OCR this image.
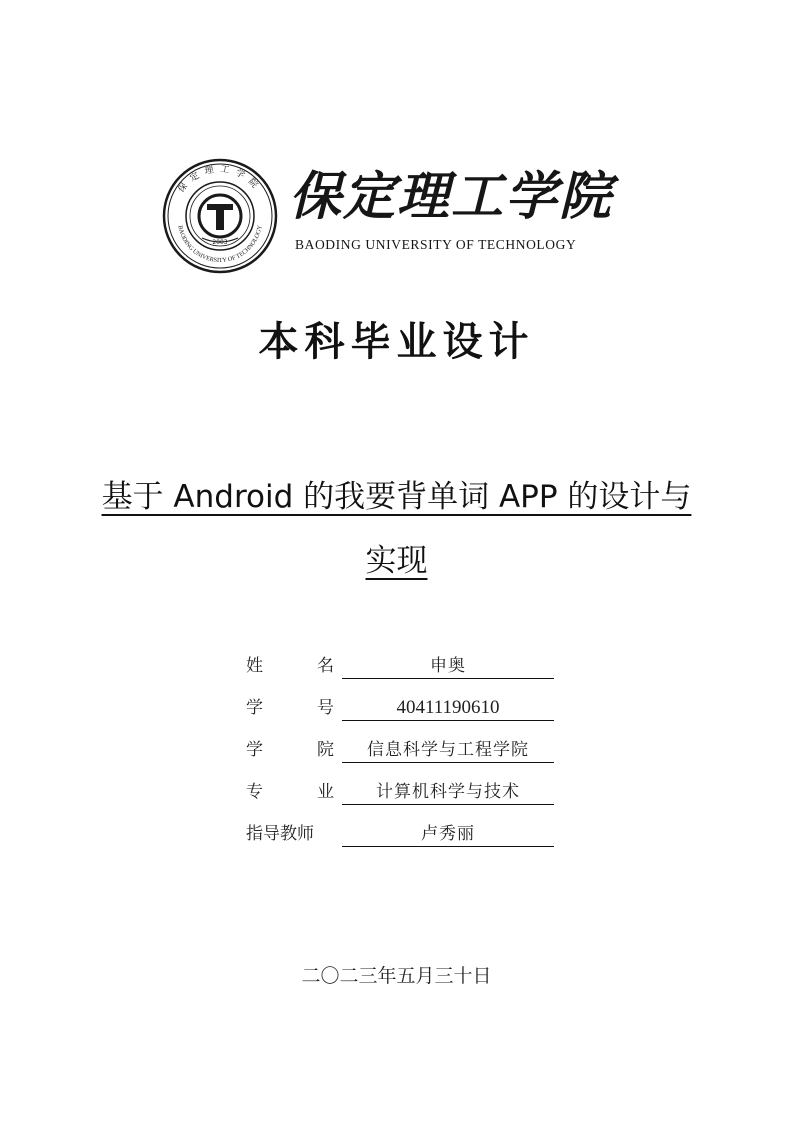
2003
保定理工学院
BAODING UNIVERSITY OF TECHNOLOGY
保定理工学院
BAODING UNIVERSITY OF TECHNOLOGY
本科毕业设计
基于 Android 的我要背单词 APP 的设计与
实现
姓	名	申奥
学	号	40411190610
学	院	信息科学与工程学院
专	业	计算机科学与技术
指导教师	卢秀丽
二〇二三年五月三十日
